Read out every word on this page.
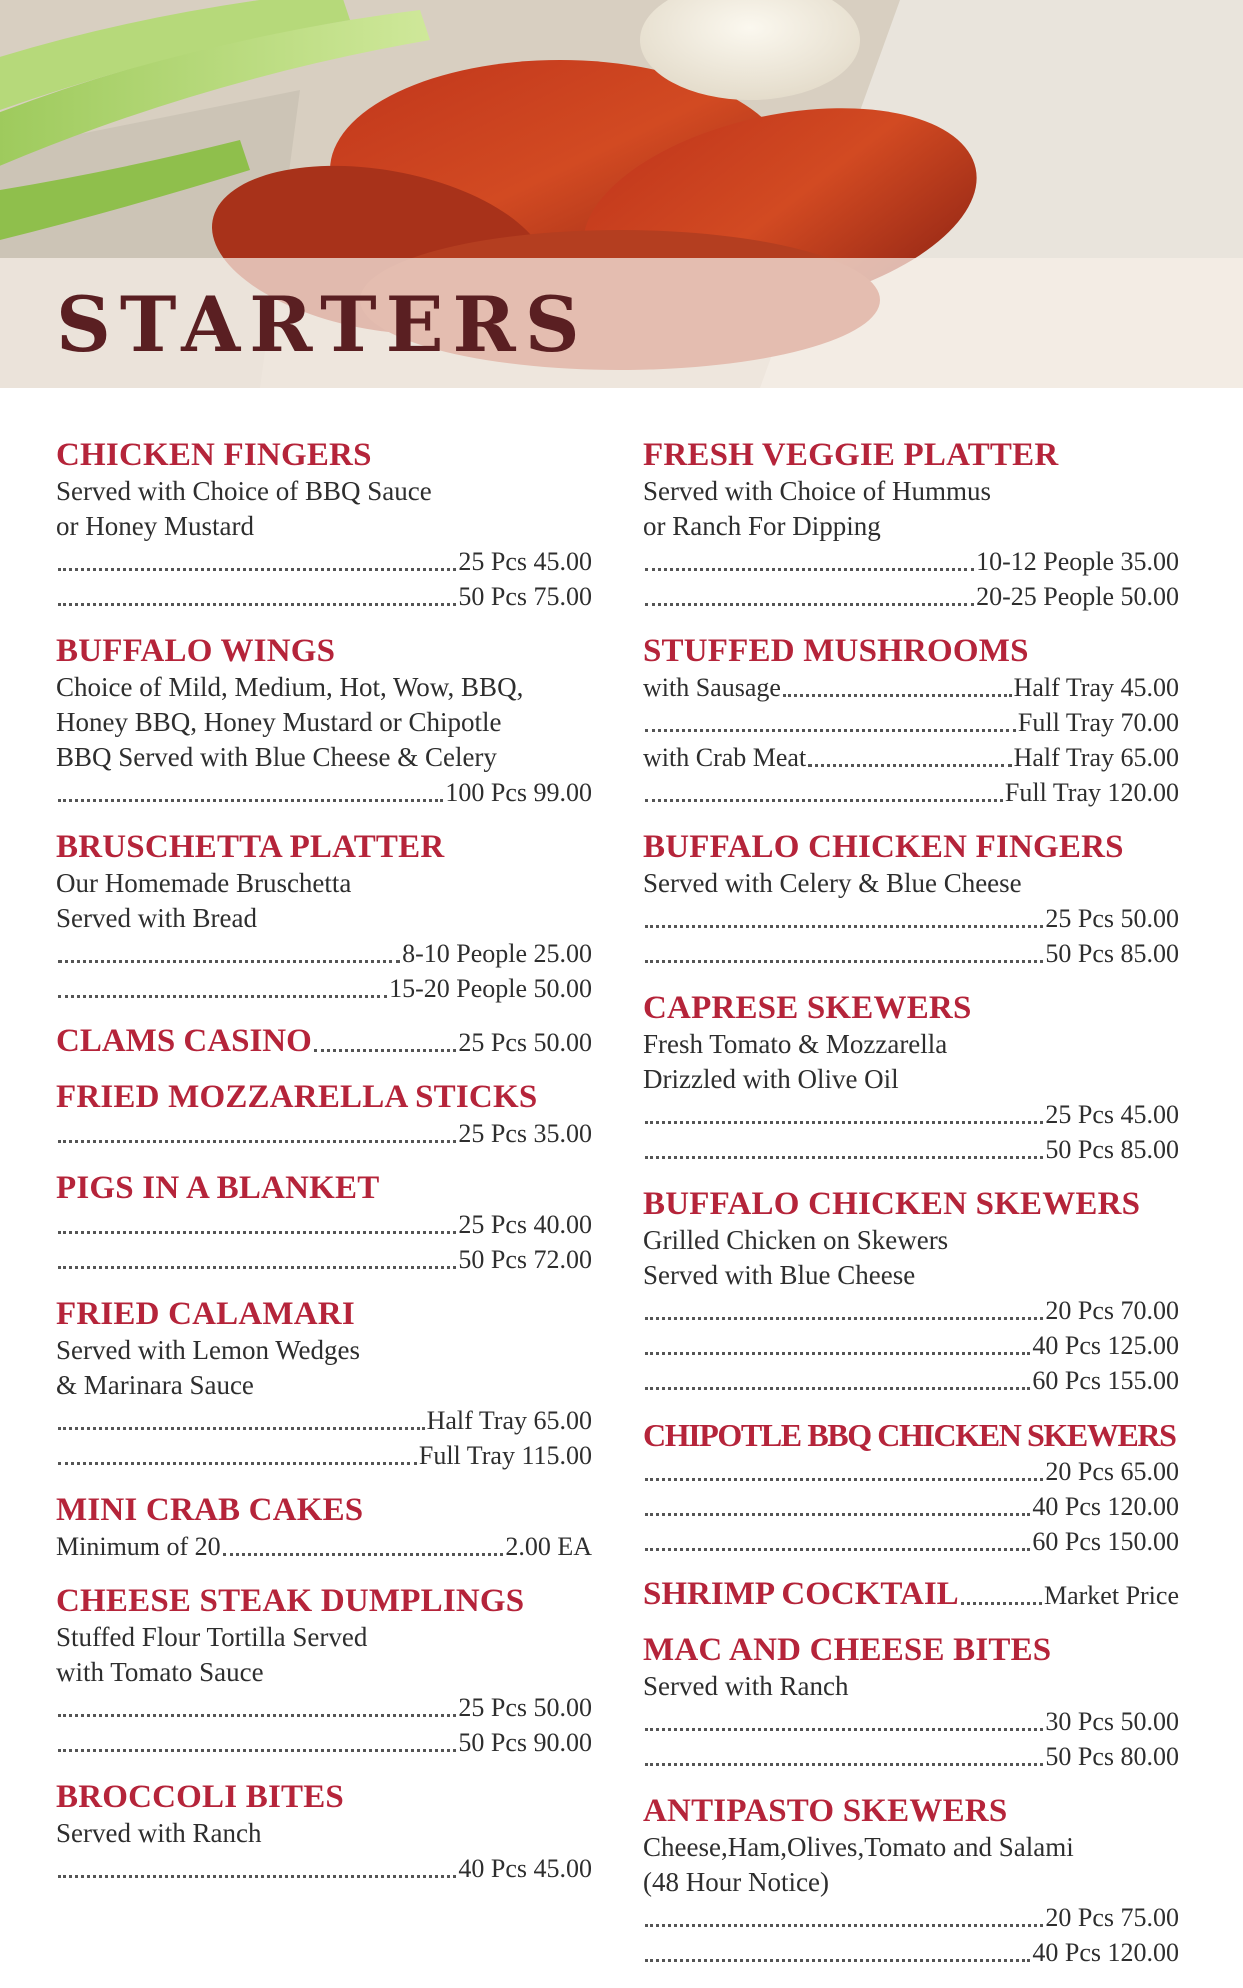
STARTERS
CHICKEN FINGERS
Served with Choice of BBQ Sauce
or Honey Mustard
25 Pcs 45.00
50 Pcs 75.00
BUFFALO WINGS
Choice of Mild, Medium, Hot, Wow, BBQ,
Honey BBQ, Honey Mustard or Chipotle
BBQ Served with Blue Cheese & Celery
100 Pcs 99.00
BRUSCHETTA PLATTER
Our Homemade Bruschetta
Served with Bread
8-10 People 25.00
15-20 People 50.00
CLAMS CASINO	25 Pcs 50.00
FRIED MOZZARELLA STICKS
25 Pcs 35.00
PIGS IN A BLANKET
25 Pcs 40.00
50 Pcs 72.00
FRIED CALAMARI
Served with Lemon Wedges
& Marinara Sauce
Half Tray 65.00
Full Tray 115.00
MINI CRAB CAKES
Minimum of 20	2.00 EA
CHEESE STEAK DUMPLINGS
Stuffed Flour Tortilla Served
with Tomato Sauce
25 Pcs 50.00
50 Pcs 90.00
BROCCOLI BITES
Served with Ranch
40 Pcs 45.00
FRESH VEGGIE PLATTER
Served with Choice of Hummus
or Ranch For Dipping
10-12 People 35.00
20-25 People 50.00
STUFFED MUSHROOMS
with Sausage	Half Tray 45.00
Full Tray 70.00
with Crab Meat	Half Tray 65.00
Full Tray 120.00
BUFFALO CHICKEN FINGERS
Served with Celery & Blue Cheese
25 Pcs 50.00
50 Pcs 85.00
CAPRESE SKEWERS
Fresh Tomato & Mozzarella
Drizzled with Olive Oil
25 Pcs 45.00
50 Pcs 85.00
BUFFALO CHICKEN SKEWERS
Grilled Chicken on Skewers
Served with Blue Cheese
20 Pcs 70.00
40 Pcs 125.00
60 Pcs 155.00
CHIPOTLE BBQ CHICKEN SKEWERS
20 Pcs 65.00
40 Pcs 120.00
60 Pcs 150.00
SHRIMP COCKTAIL	Market Price
MAC AND CHEESE BITES
Served with Ranch
30 Pcs 50.00
50 Pcs 80.00
ANTIPASTO SKEWERS
Cheese,Ham,Olives,Tomato and Salami
(48 Hour Notice)
20 Pcs 75.00
40 Pcs 120.00
